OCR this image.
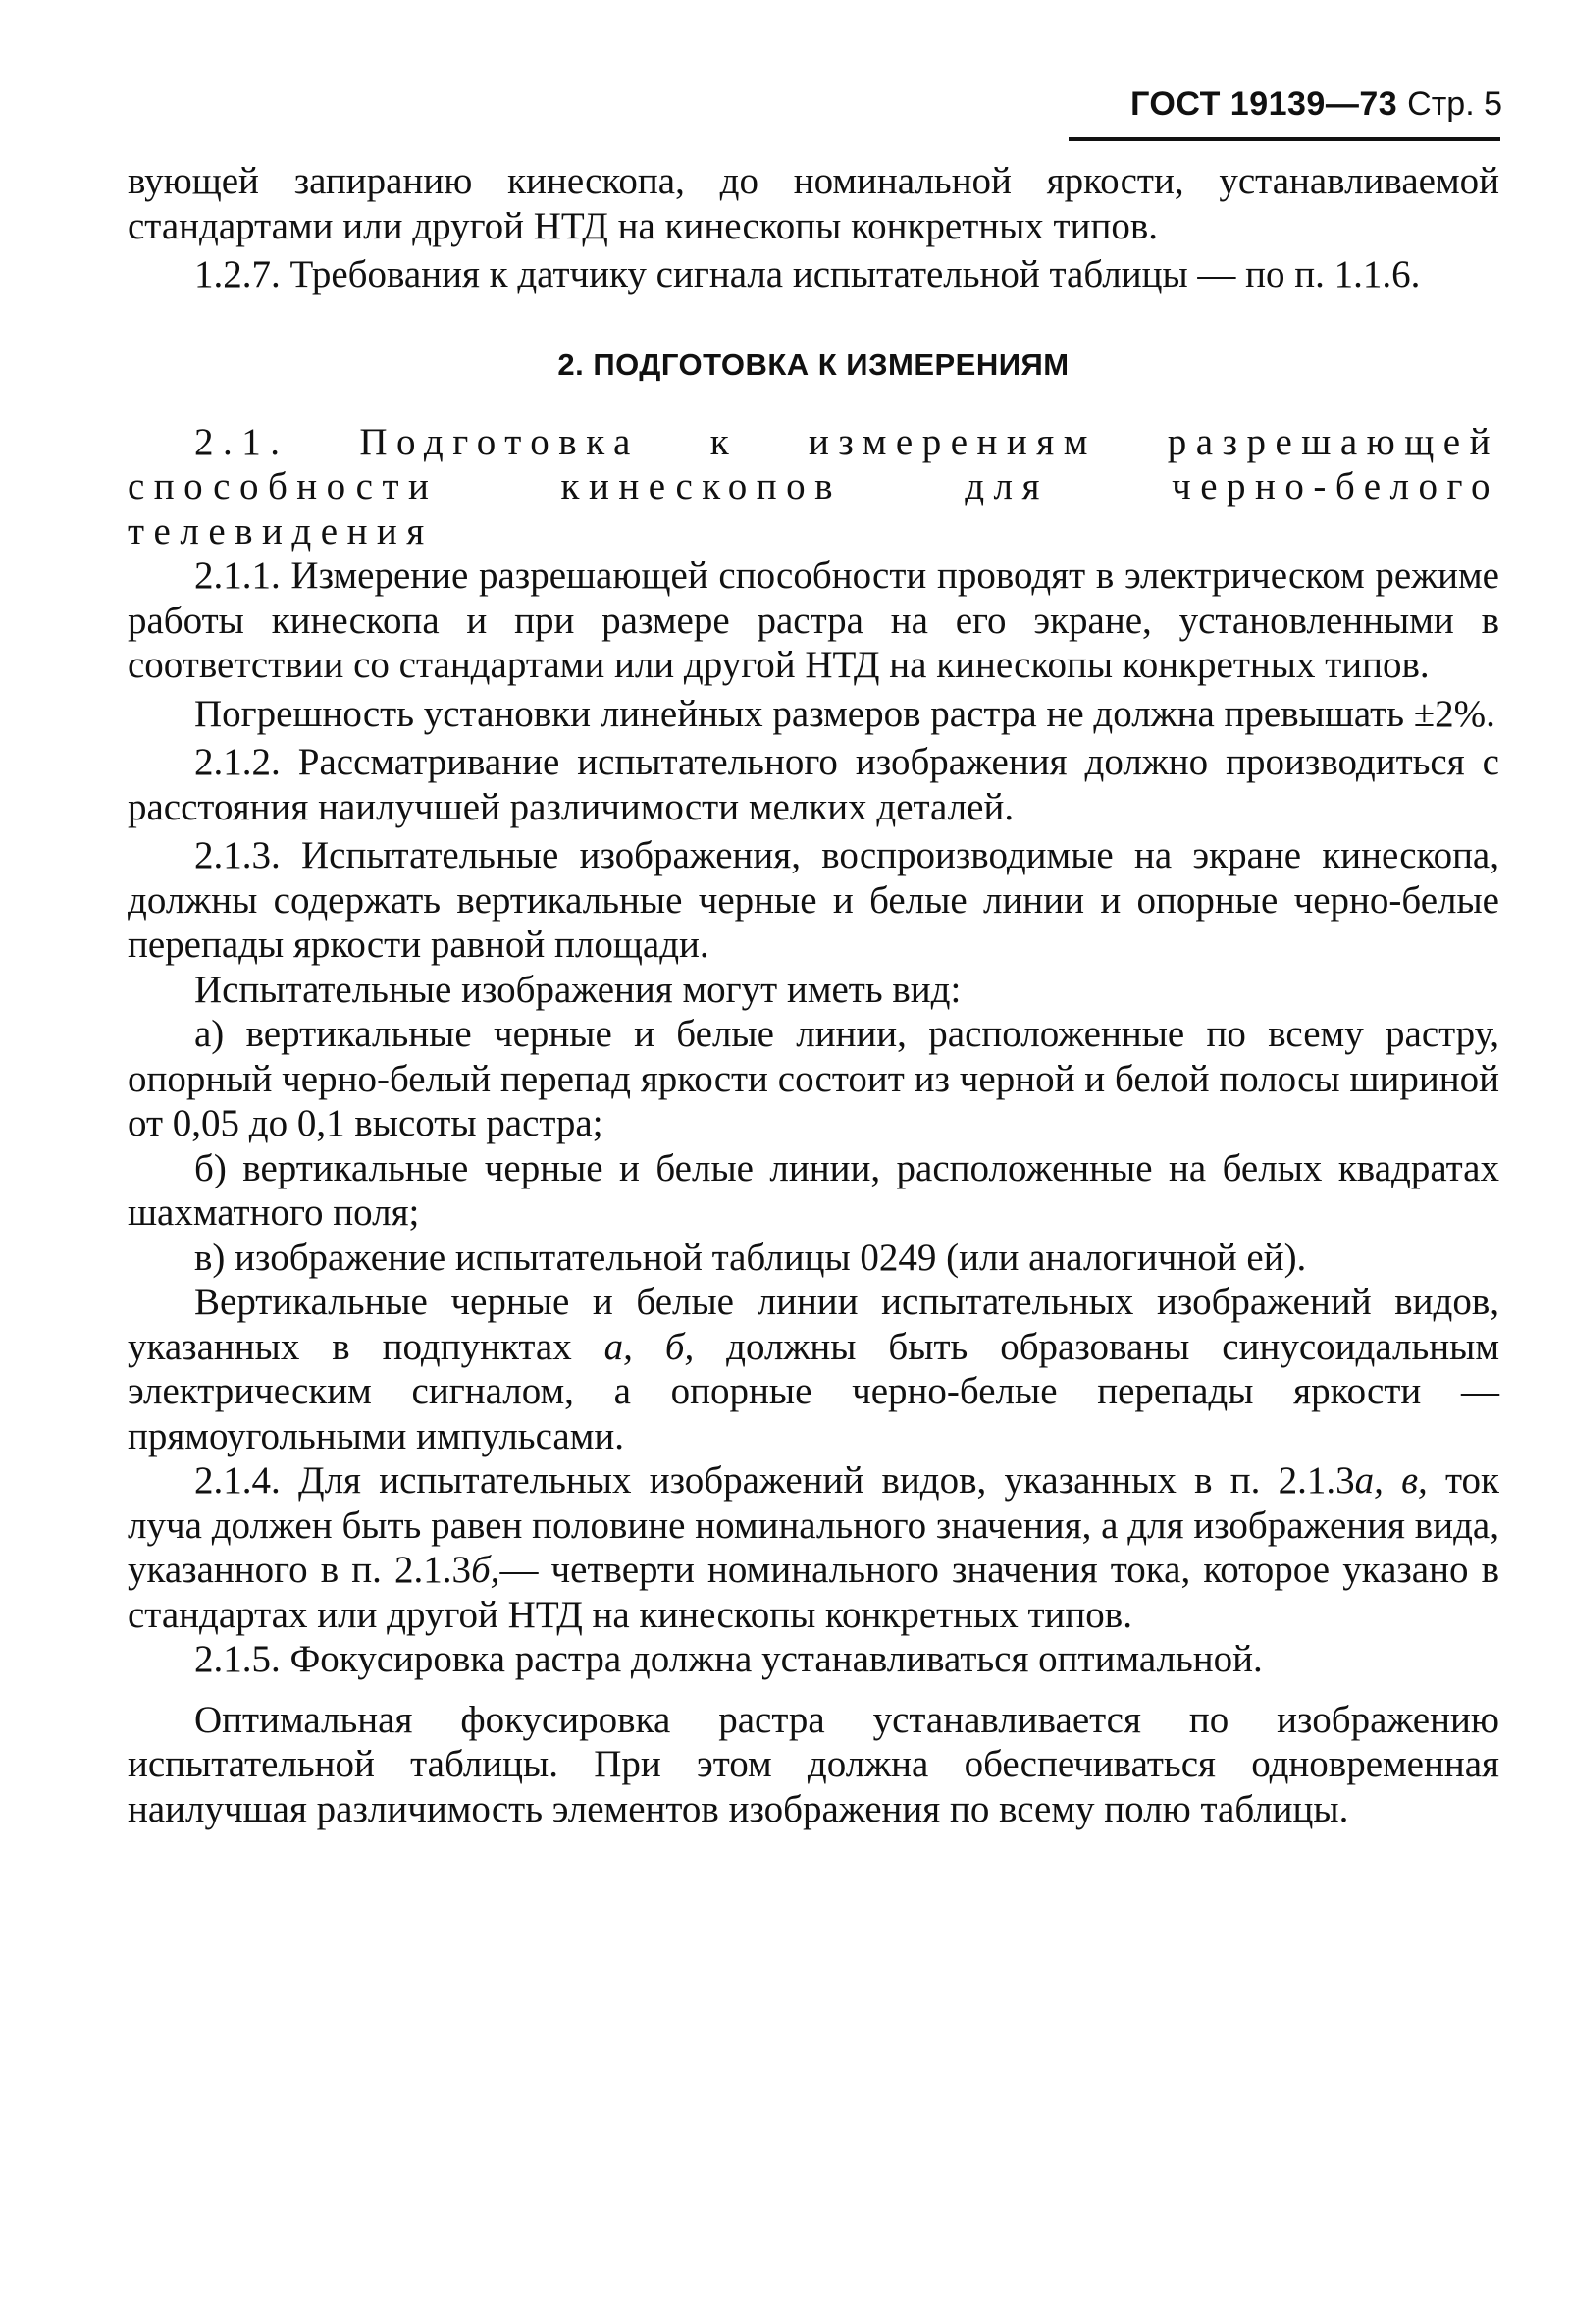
ГОСТ 19139—73 Стр. 5

вующей запиранию кинескопа, до номинальной яркости, устанавливаемой стандартами или другой НТД на кинескопы конкретных типов.

1.2.7. Требования к датчику сигнала испытательной таблицы — по п. 1.1.6.

2. ПОДГОТОВКА К ИЗМЕРЕНИЯМ

2.1. Подготовка к измерениям разрешающей способности кинескопов для черно-белого телевидения

2.1.1. Измерение разрешающей способности проводят в электрическом режиме работы кинескопа и при размере растра на его экране, установленными в соответствии со стандартами или другой НТД на кинескопы конкретных типов.

Погрешность установки линейных размеров растра не должна превышать ±2%.

2.1.2. Рассматривание испытательного изображения должно производиться с расстояния наилучшей различимости мелких деталей.

2.1.3. Испытательные изображения, воспроизводимые на экране кинескопа, должны содержать вертикальные черные и белые линии и опорные черно-белые перепады яркости равной площади.

Испытательные изображения могут иметь вид:

а) вертикальные черные и белые линии, расположенные по всему растру, опорный черно-белый перепад яркости состоит из черной и белой полосы шириной от 0,05 до 0,1 высоты растра;

б) вертикальные черные и белые линии, расположенные на белых квадратах шахматного поля;

в) изображение испытательной таблицы 0249 (или аналогичной ей).

Вертикальные черные и белые линии испытательных изображений видов, указанных в подпунктах а, б, должны быть образованы синусоидальным электрическим сигналом, а опорные черно-белые перепады яркости — прямоугольными импульсами.

2.1.4. Для испытательных изображений видов, указанных в п. 2.1.3а, в, ток луча должен быть равен половине номинального значения, а для изображения вида, указанного в п. 2.1.3б,— четверти номинального значения тока, которое указано в стандартах или другой НТД на кинескопы конкретных типов.

2.1.5. Фокусировка растра должна устанавливаться оптимальной.

Оптимальная фокусировка растра устанавливается по изображению испытательной таблицы. При этом должна обеспечиваться одновременная наилучшая различимость элементов изображения по всему полю таблицы.
